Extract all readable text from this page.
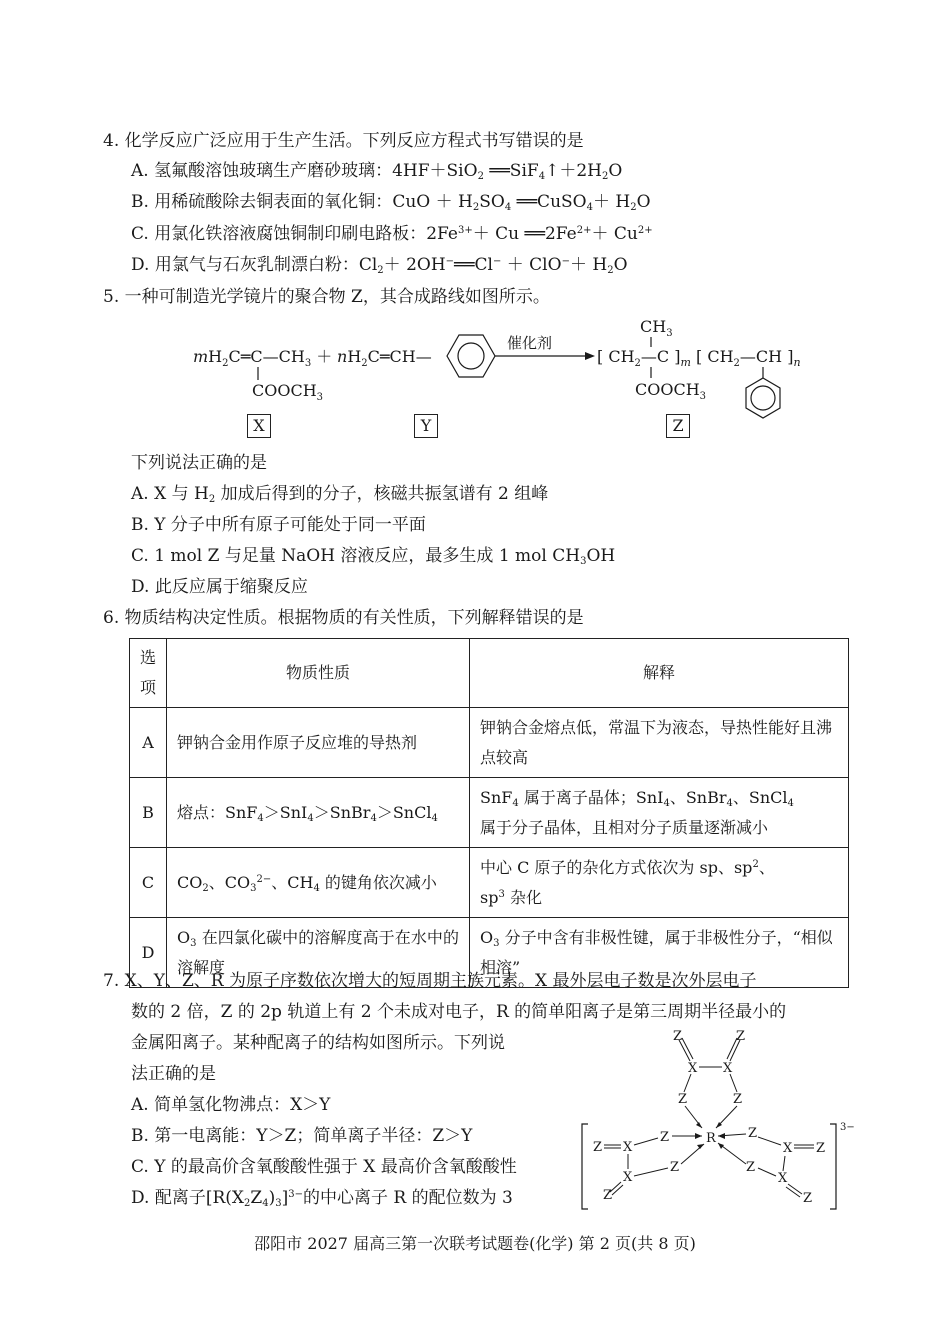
4. 化学反应广泛应用于生产生活。下列反应方程式书写错误的是
A. 氢氟酸溶蚀玻璃生产磨砂玻璃：4HF＋SiO$_2$ $══SiF_4↑+2H_2O$
B. 用稀硫酸除去铜表面的氧化铜：CuO ＋ $H_2SO_4$ ══CuSO$_4$＋ $H_2O$
C. 用氯化铁溶液腐蚀铜制印刷电路板：$2Fe^{3+}+ Cu$ $══2Fe^{2+}+ Cu^{2+}$
D. 用氯气与石灰乳制漂白粉：$Cl_2+$ 2OH−══Cl− ＋ $ClO^-+ H_2O$
5. 一种可制造光学镜片的聚合物 Z，其合成路线如图所示。
$mH_2C═C—CH_3$ ＋
$COOCH_3$
$nH_2C═CH—$
催化剂
[ $CH_2—C$ ]$_m$ [ $CH_2—CH$ ]$_n$
$CH_3$
$COOCH_3$
X	Y	Z
下列说法正确的是
A. X 与 $H_2$ 加成后得到的分子，核磁共振氢谱有 2 组峰
B. Y 分子中所有原子可能处于同一平面
C. 1 mol Z 与足量 NaOH 溶液反应，最多生成 1 mol $CH_3OH$
D. 此反应属于缩聚反应
6. 物质结构决定性质。根据物质的有关性质，下列解释错误的是
选项	物质性质	解释
A	钾钠合金用作原子反应堆的导热剂	钾钠合金熔点低，常温下为液态，导热性能好且沸点较高
B	熔点：SnF$_4$＞SnI$_4$＞SnBr$_4$＞SnCl$_4$	SnF$_4$ 属于离子晶体；SnI$_4$、SnBr$_4$、SnCl$_4$
属于分子晶体，且相对分子质量逐渐减小
C	$CO_2$、$CO_3^{2-}$、$CH_4$ 的键角依次减小	中心 C 原子的杂化方式依次为 sp、$sp^2$、
$sp^3$ 杂化
D	$O_3$ 在四氯化碳中的溶解度高于在水中的溶解度	$O_3$ 分子中含有非极性键，属于非极性分子，“相似相溶”
7. X、Y、Z、R 为原子序数依次增大的短周期主族元素。X 最外层电子数是次外层电子
数的 2 倍，Z 的 2p 轨道上有 2 个未成对电子，R 的简单阳离子是第三周期半径最小的
金属阳离子。某种配离子的结构如图所示。下列说
法正确的是
A. 简单氢化物沸点：X＞Y
B. 第一电离能：Y＞Z；简单离子半径：Z＞Y
C. Y 的最高价含氧酸酸性强于 X 最高价含氧酸酸性
D. 配离子$[R(X_2Z_4)_3]^{3-}$的中心离子 R 的配位数为 3
Z	Z
X X
Z	Z
R
Z X
Z
X
Z
Z
Z
X Z
Z
X
Z
3−
邵阳市 2027 届高三第一次联考试题卷(化学) 第 2 页(共 8 页)
